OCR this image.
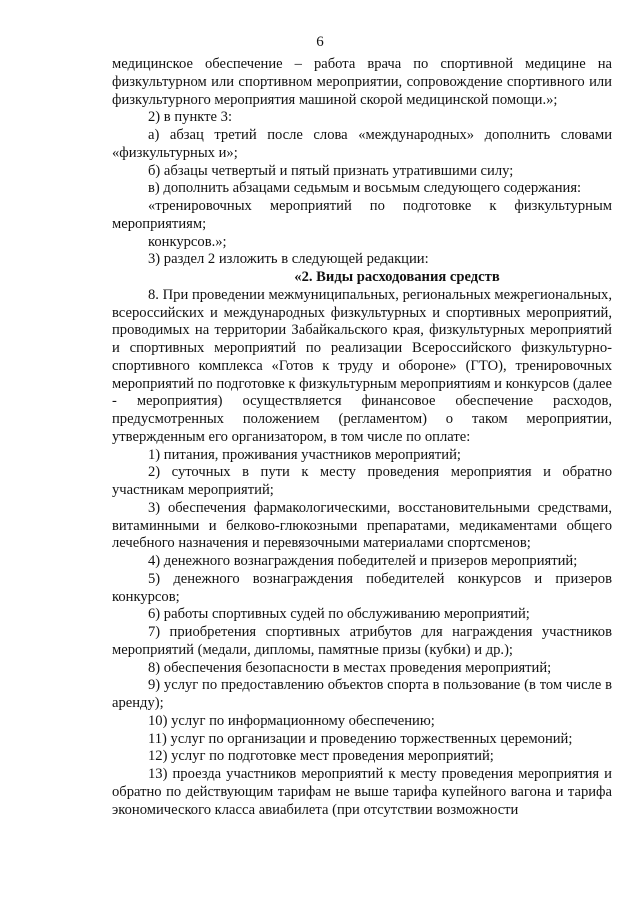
6

медицинское обеспечение – работа врача по спортивной медицине на физкультурном или спортивном мероприятии, сопровождение спортивного или физкультурного мероприятия машиной скорой медицинской помощи.»;

2) в пункте 3:

а) абзац третий после слова «международных» дополнить словами «физкультурных и»;

б) абзацы четвертый и пятый признать утратившими силу;

в) дополнить абзацами седьмым и восьмым следующего содержания:

«тренировочных мероприятий по подготовке к физкультурным мероприятиям;

конкурсов.»;

3) раздел 2 изложить в следующей редакции:

«2. Виды расходования средств

8. При проведении межмуниципальных, региональных межрегиональных, всероссийских и международных физкультурных и спортивных мероприятий, проводимых на территории Забайкальского края, физкультурных мероприятий и спортивных мероприятий по реализации Всероссийского физкультурно-спортивного комплекса «Готов к труду и обороне» (ГТО), тренировочных мероприятий по подготовке к физкультурным мероприятиям и конкурсов (далее - мероприятия) осуществляется финансовое обеспечение расходов, предусмотренных положением (регламентом) о таком мероприятии, утвержденным его организатором, в том числе по оплате:

1) питания, проживания участников мероприятий;

2) суточных в пути к месту проведения мероприятия и обратно участникам мероприятий;

3) обеспечения фармакологическими, восстановительными средствами, витаминными и белково-глюкозными препаратами, медикаментами общего лечебного назначения и перевязочными материалами спортсменов;

4) денежного вознаграждения победителей и призеров мероприятий;

5) денежного вознаграждения победителей конкурсов и призеров конкурсов;

6) работы спортивных судей по обслуживанию мероприятий;

7) приобретения спортивных атрибутов для награждения участников мероприятий (медали, дипломы, памятные призы (кубки) и др.);

8) обеспечения безопасности в местах проведения мероприятий;

9) услуг по предоставлению объектов спорта в пользование (в том числе в аренду);

10) услуг по информационному обеспечению;

11) услуг по организации и проведению торжественных церемоний;

12) услуг по подготовке мест проведения мероприятий;

13) проезда участников мероприятий к месту проведения мероприятия и обратно по действующим тарифам не выше тарифа купейного вагона и тарифа экономического класса авиабилета (при отсутствии возможности
